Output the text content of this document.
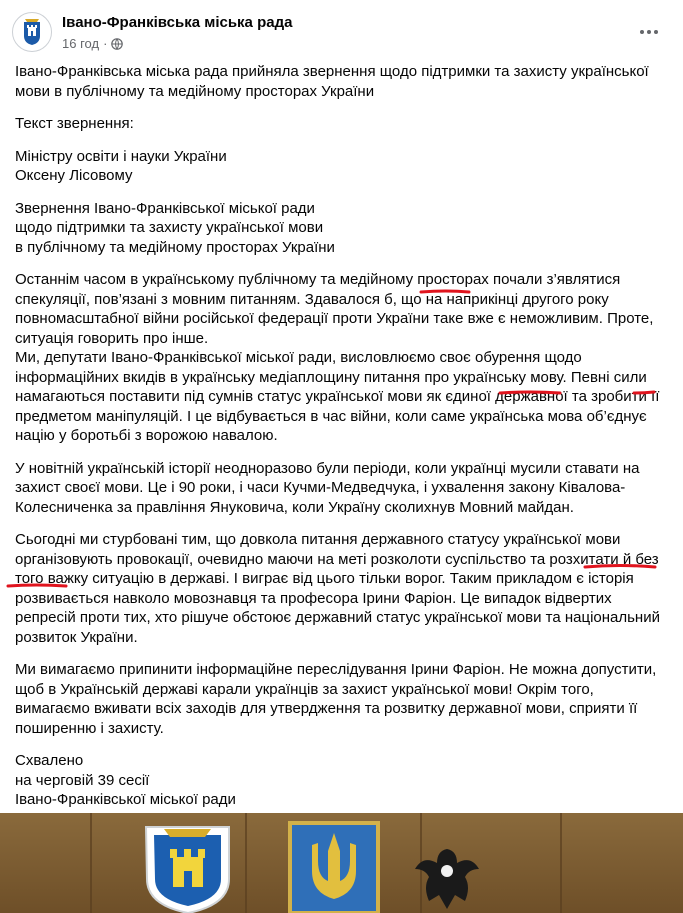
Івано-Франківська міська рада
16 год ·

Івано-Франківська міська рада прийняла звернення щодо підтримки та захисту української
мови в публічному та медійному просторах України

Текст звернення:

Міністру освіти і науки України
Оксену Лісовому

Звернення Івано-Франківської міської ради
щодо підтримки та захисту української мови
в публічному та медійному просторах України

Останнім часом в українському публічному та медійному просторах почали з’являтися
спекуляції, пов’язані з мовним питанням. Здавалося б, що на наприкінці другого року
повномасштабної війни російської федерації проти України таке вже є неможливим. Проте,
ситуація говорить про інше.
Ми, депутати Івано-Франківської міської ради, висловлюємо своє обурення щодо
інформаційних вкидів в українську медіаплощину питання про українську мову. Певні сили
намагаються поставити під сумнів статус української мови як єдиної державної та зробити її
предметом маніпуляцій. І це відбувається в час війни, коли саме українська мова об’єднує
націю у боротьбі з ворожою навалою.

У новітній українській історії неодноразово були періоди, коли українці мусили ставати на
захист своєї мови. Це і 90 роки, і часи Кучми-Медведчука, і ухвалення закону Ківалова-
Колесниченка за правління Януковича, коли Україну сколихнув Мовний майдан.

Сьогодні ми стурбовані тим, що довкола питання державного статусу української мови
організовують провокації, очевидно маючи на меті розколоти суспільство та розхитати й без
того важку ситуацію в державі. І виграє від цього тільки ворог. Таким прикладом є історія
розвивається навколо мовознавця та професора Ірини Фаріон. Це випадок відвертих
репресій проти тих, хто рішуче обстоює державний статус української мови та національний
розвиток України.

Ми вимагаємо припинити інформаційне переслідування Ірини Фаріон. Не можна допустити,
щоб в Українській державі карали українців за захист української мови! Окрім того,
вимагаємо вживати всіх заходів для утвердження та розвитку державної мови, сприяти її
поширенню і захисту.

Схвалено
на черговій 39 сесії
Івано-Франківської міської ради
